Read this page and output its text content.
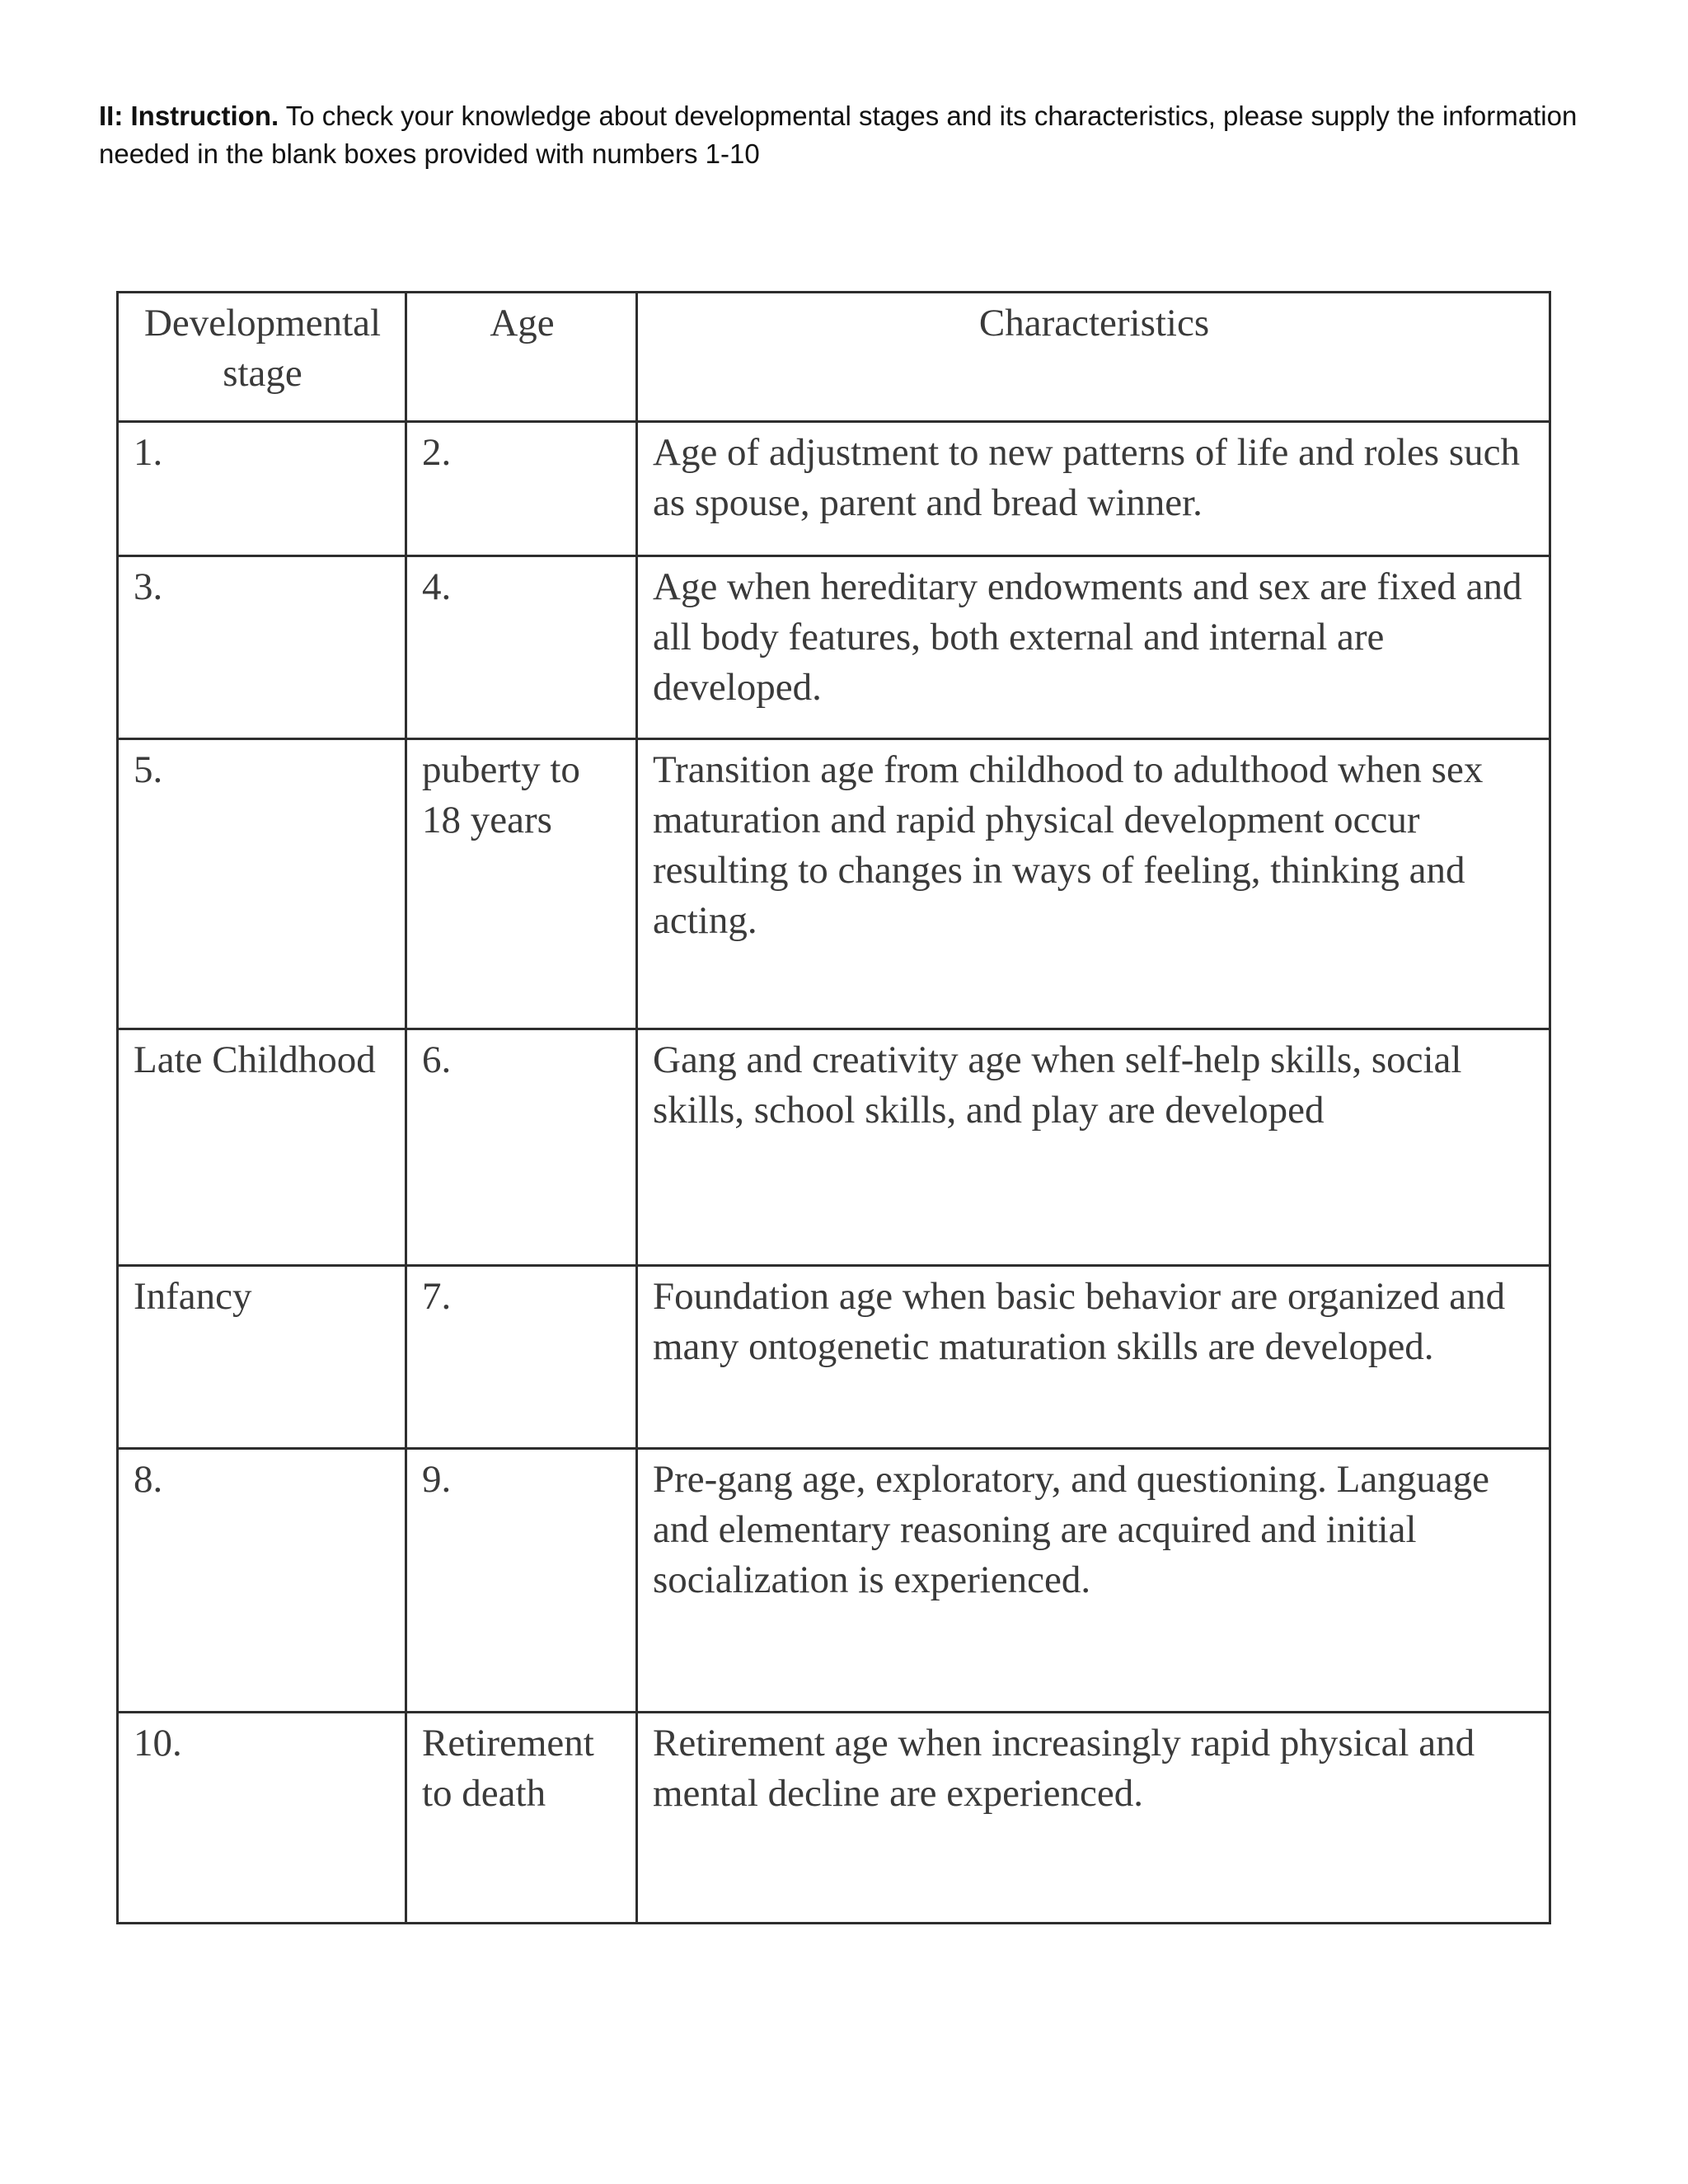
II: Instruction. To check your knowledge about developmental stages and its characteristics, please supply the information needed in the blank boxes provided with numbers 1-10
Developmental stage	Age	Characteristics
1.	2.	Age of adjustment to new patterns of life and roles such as spouse, parent and bread winner.
3.	4.	Age when hereditary endowments and sex are fixed and all body features, both external and internal are developed.
5.	puberty to 18 years	Transition age from childhood to adulthood when sex maturation and rapid physical development occur resulting to changes in ways of feeling, thinking and acting.
Late Childhood	6.	Gang and creativity age when self-help skills, social skills, school skills, and play are developed
Infancy	7.	Foundation age when basic behavior are organized and many ontogenetic maturation skills are developed.
8.	9.	Pre-gang age, exploratory, and questioning. Language and elementary reasoning are acquired and initial socialization is experienced.
10.	Retirement to death	Retirement age when increasingly rapid physical and mental decline are experienced.
